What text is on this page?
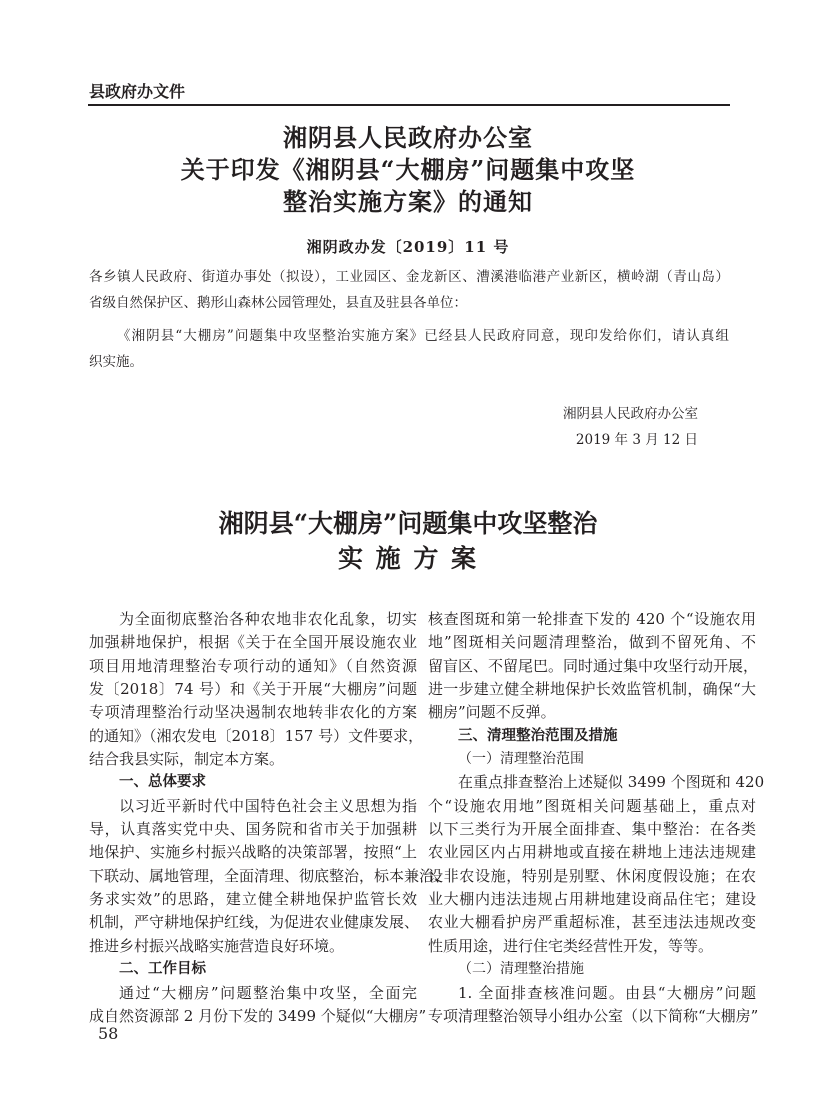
县政府办文件
湘阴县人民政府办公室
关于印发《湘阴县“大棚房”问题集中攻坚
整治实施方案》的通知
湘阴政办发〔2019〕11 号
各乡镇人民政府、街道办事处（拟设），工业园区、金龙新区、漕溪港临港产业新区，横岭湖（青山岛）
省级自然保护区、鹅形山森林公园管理处，县直及驻县各单位：
《湘阴县“大棚房”问题集中攻坚整治实施方案》已经县人民政府同意，现印发给你们，请认真组
织实施。
湘阴县人民政府办公室
2019 年 3 月 12 日
湘阴县“大棚房”问题集中攻坚整治
实 施 方 案
为全面彻底整治各种农地非农化乱象，切实
加强耕地保护，根据《关于在全国开展设施农业
项目用地清理整治专项行动的通知》（自然资源
发〔2018〕74 号）和《关于开展“大棚房”问题
专项清理整治行动坚决遏制农地转非农化的方案
的通知》（湘农发电〔2018〕157 号）文件要求，
结合我县实际，制定本方案。
一、总体要求
以习近平新时代中国特色社会主义思想为指
导，认真落实党中央、国务院和省市关于加强耕
地保护、实施乡村振兴战略的决策部署，按照“上
下联动、属地管理，全面清理、彻底整治，标本兼治、
务求实效”的思路，建立健全耕地保护监管长效
机制，严守耕地保护红线，为促进农业健康发展、
推进乡村振兴战略实施营造良好环境。
二、工作目标
通过“大棚房”问题整治集中攻坚，全面完
成自然资源部 2 月份下发的 3499 个疑似“大棚房”
核查图斑和第一轮排查下发的 420 个“设施农用
地”图斑相关问题清理整治，做到不留死角、不
留盲区、不留尾巴。同时通过集中攻坚行动开展，
进一步建立健全耕地保护长效监管机制，确保“大
棚房”问题不反弹。
三、清理整治范围及措施
（一）清理整治范围
在重点排查整治上述疑似 3499 个图斑和 420
个“设施农用地”图斑相关问题基础上，重点对
以下三类行为开展全面排查、集中整治：在各类
农业园区内占用耕地或直接在耕地上违法违规建
设非农设施，特别是别墅、休闲度假设施；在农
业大棚内违法违规占用耕地建设商品住宅；建设
农业大棚看护房严重超标准，甚至违法违规改变
性质用途，进行住宅类经营性开发，等等。
（二）清理整治措施
1. 全面排查核准问题。由县“大棚房”问题
专项清理整治领导小组办公室（以下简称“大棚房”
58
